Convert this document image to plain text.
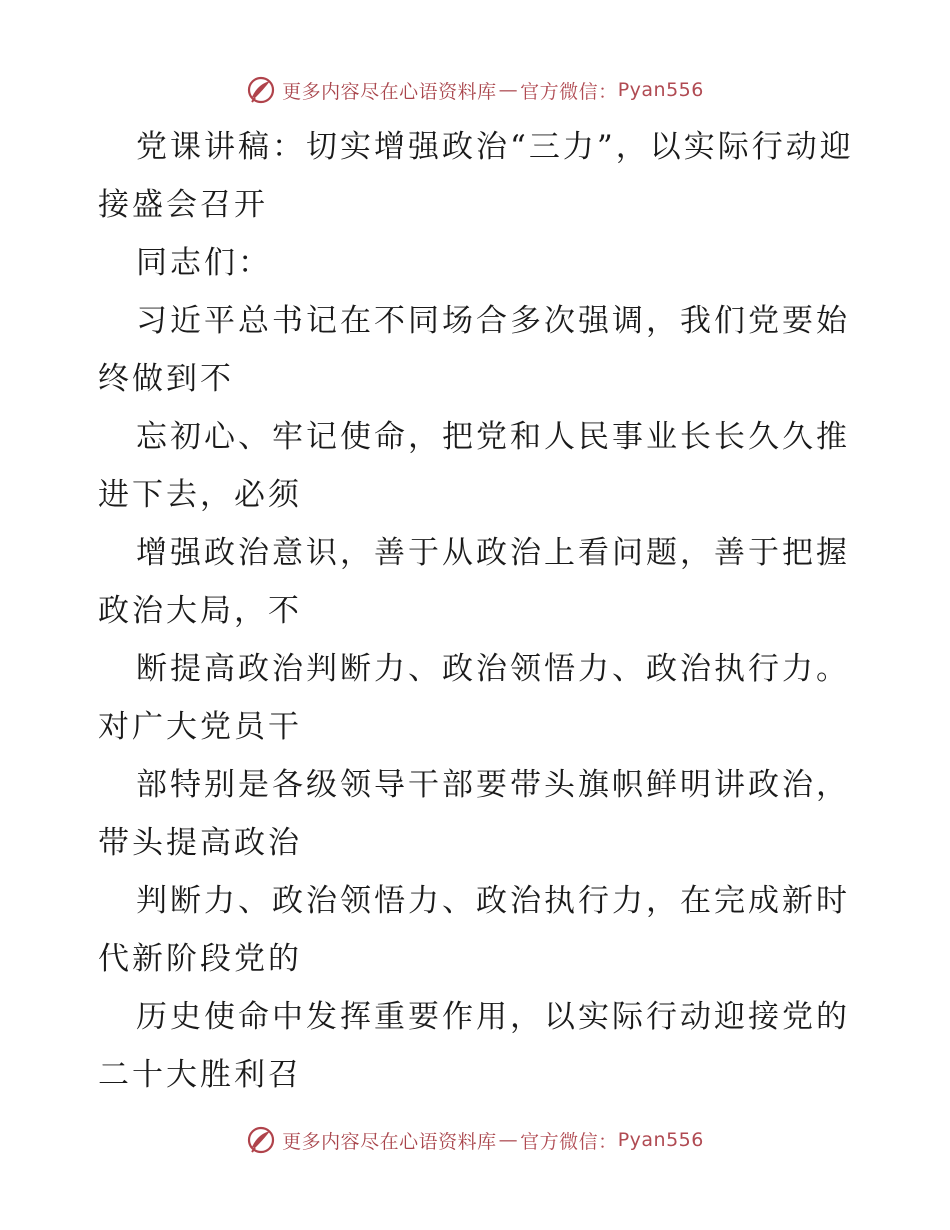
更多内容尽在心语资料库 — 官方微信： Pyan556

党课讲稿：切实增强政治“三力”，以实际行动迎接盛会召开

同志们：

习近平总书记在不同场合多次强调，我们党要始终做到不

忘初心、牢记使命，把党和人民事业长长久久推进下去，必须

增强政治意识，善于从政治上看问题，善于把握政治大局，不

断提高政治判断力、政治领悟力、政治执行力。对广大党员干

部特别是各级领导干部要带头旗帜鲜明讲政治，带头提高政治

判断力、政治领悟力、政治执行力，在完成新时代新阶段党的

历史使命中发挥重要作用，以实际行动迎接党的二十大胜利召

更多内容尽在心语资料库 — 官方微信： Pyan556
